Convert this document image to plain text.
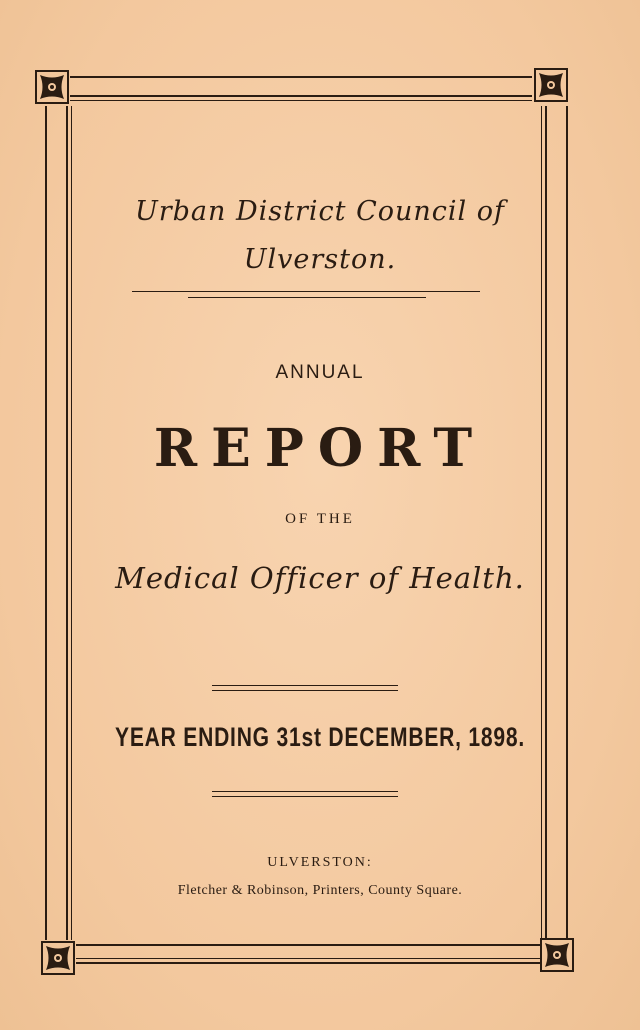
Urban District Council of
Ulverston.
ANNUAL
REPORT
OF THE
Medical Officer of Health.
YEAR ENDING 31st DECEMBER, 1898.
ULVERSTON:
Fletcher & Robinson, Printers, County Square.
